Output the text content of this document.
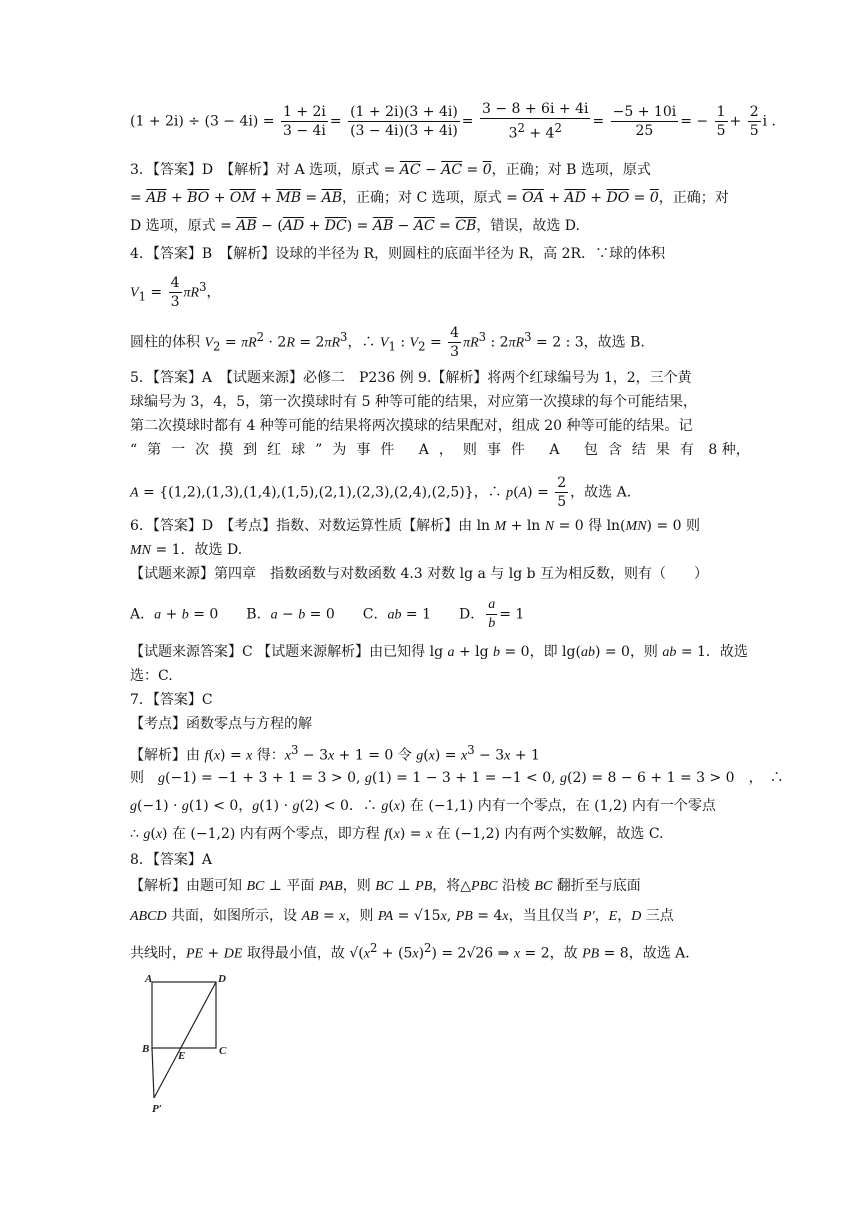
$(1 + 2i) \div (3 - 4i) = \frac{1 + 2i}{3 - 4i} = \frac{(1 + 2i)(3 + 4i)}{(3 - 4i)(3 + 4i)} = \frac{3 - 8 + 6i + 4i}{3^2 + 4^2} = \frac{-5 + 10i}{25}$ = − $\frac{1}{5} + \frac{2}{5}$ i .
3．【答案】D　【解析】对 A 选项，原式 = $\overline{AC} - \overline{AC} = 0$，正确；对 B 选项，原式
= $\overline{AB} + \overline{BO} + \overline{OM} + \overline{MB} = \overline{AB}$，正确；对 C 选项，原式 = $\overline{OA} + \overline{AD} + \overline{DO} = 0$，正确；对
D 选项，原式 = $\overline{AB} - (\overline{AD} + \overline{DC}) = \overline{AB} - \overline{AC} = \overline{CB}$，错误，故选 D.
4．【答案】B　【解析】设球的半径为 R，则圆柱的底面半径为 R，高 2R．∵球的体积
$V_1 = \frac{4}{3} \pi R^3$，
圆柱的体积 $V_2 = \pi R^2 \cdot 2R = 2\pi R^3$，∴ $V_1$ : $V_2 = \frac{4}{3} \pi R^3$ : $2\pi R^3 = 2$ : 3，故选 B.
5．【答案】A　【试题来源】必修二　P236 例 9.【解析】将两个红球编号为 1，2，三个黄
球编号为 3，4，5，第一次摸球时有 5 种等可能的结果，对应第一次摸球的每个可能结果，
第二次摸球时都有 4 种等可能的结果将两次摸球的结果配对，组成 20 种等可能的结果。记
“第一次摸到红球”为事件 A，则事件 A 包含结果有 8 种，
A = {(1,2),(1,3),(1,4),(1,5),(2,1),(2,3),(2,4),(2,5)}，∴ $p(A) = \frac{2}{5}$ ，故选 A.
6．【答案】D　【考点】指数、对数运算性质【解析】由 ln M + ln N = 0 得 ln(MN) = 0 则
MN = 1．故选 D.
【试题来源】第四章　指数函数与对数函数 4.3 对数 lg a 与 lg b 互为相反数，则有（　　）
A．a + b = 0　　B．a − b = 0　　C．ab = 1　　D． $\frac{a}{b} = 1$
【试题来源答案】C 【试题来源解析】由已知得 lg a + lg b = 0，即 lg(ab) = 0，则 ab = 1．故选
选：C.
7．【答案】C
【考点】函数零点与方程的解
【解析】由 f(x) = x 得：$x^3 - 3x + 1 = 0$ 令 $g(x) = x^3 - 3x + 1$
则　g(−1) = −1 + 3 + 1 = 3 > 0, g(1) = 1 − 3 + 1 = −1 < 0, g(2) = 8 − 6 + 1 = 3 > 0　，　∴
g(−1) · g(1) < 0，g(1) · g(2) < 0．∴ g(x) 在 (−1,1) 内有一个零点，在 (1,2) 内有一个零点
∴ g(x) 在 (−1,2) 内有两个零点，即方程 f(x) = x 在 (−1,2) 内有两个实数解，故选 C.
8．【答案】A
【解析】由题可知 BC ⊥ 平面 PAB，则 BC ⊥ PB，将△PBC 沿棱 BC 翻折至与底面
ABCD 共面，如图所示，设 AB = x，则 PA = √15x, PB = 4x，当且仅当 P′，E，D 三点
共线时，PE + DE 取得最小值，故 $√(x^2 + (5x)^2) = 2√26$ ⇒ x = 2，故 PB = 8，故选 A.
A	D
B
E	C
P′
